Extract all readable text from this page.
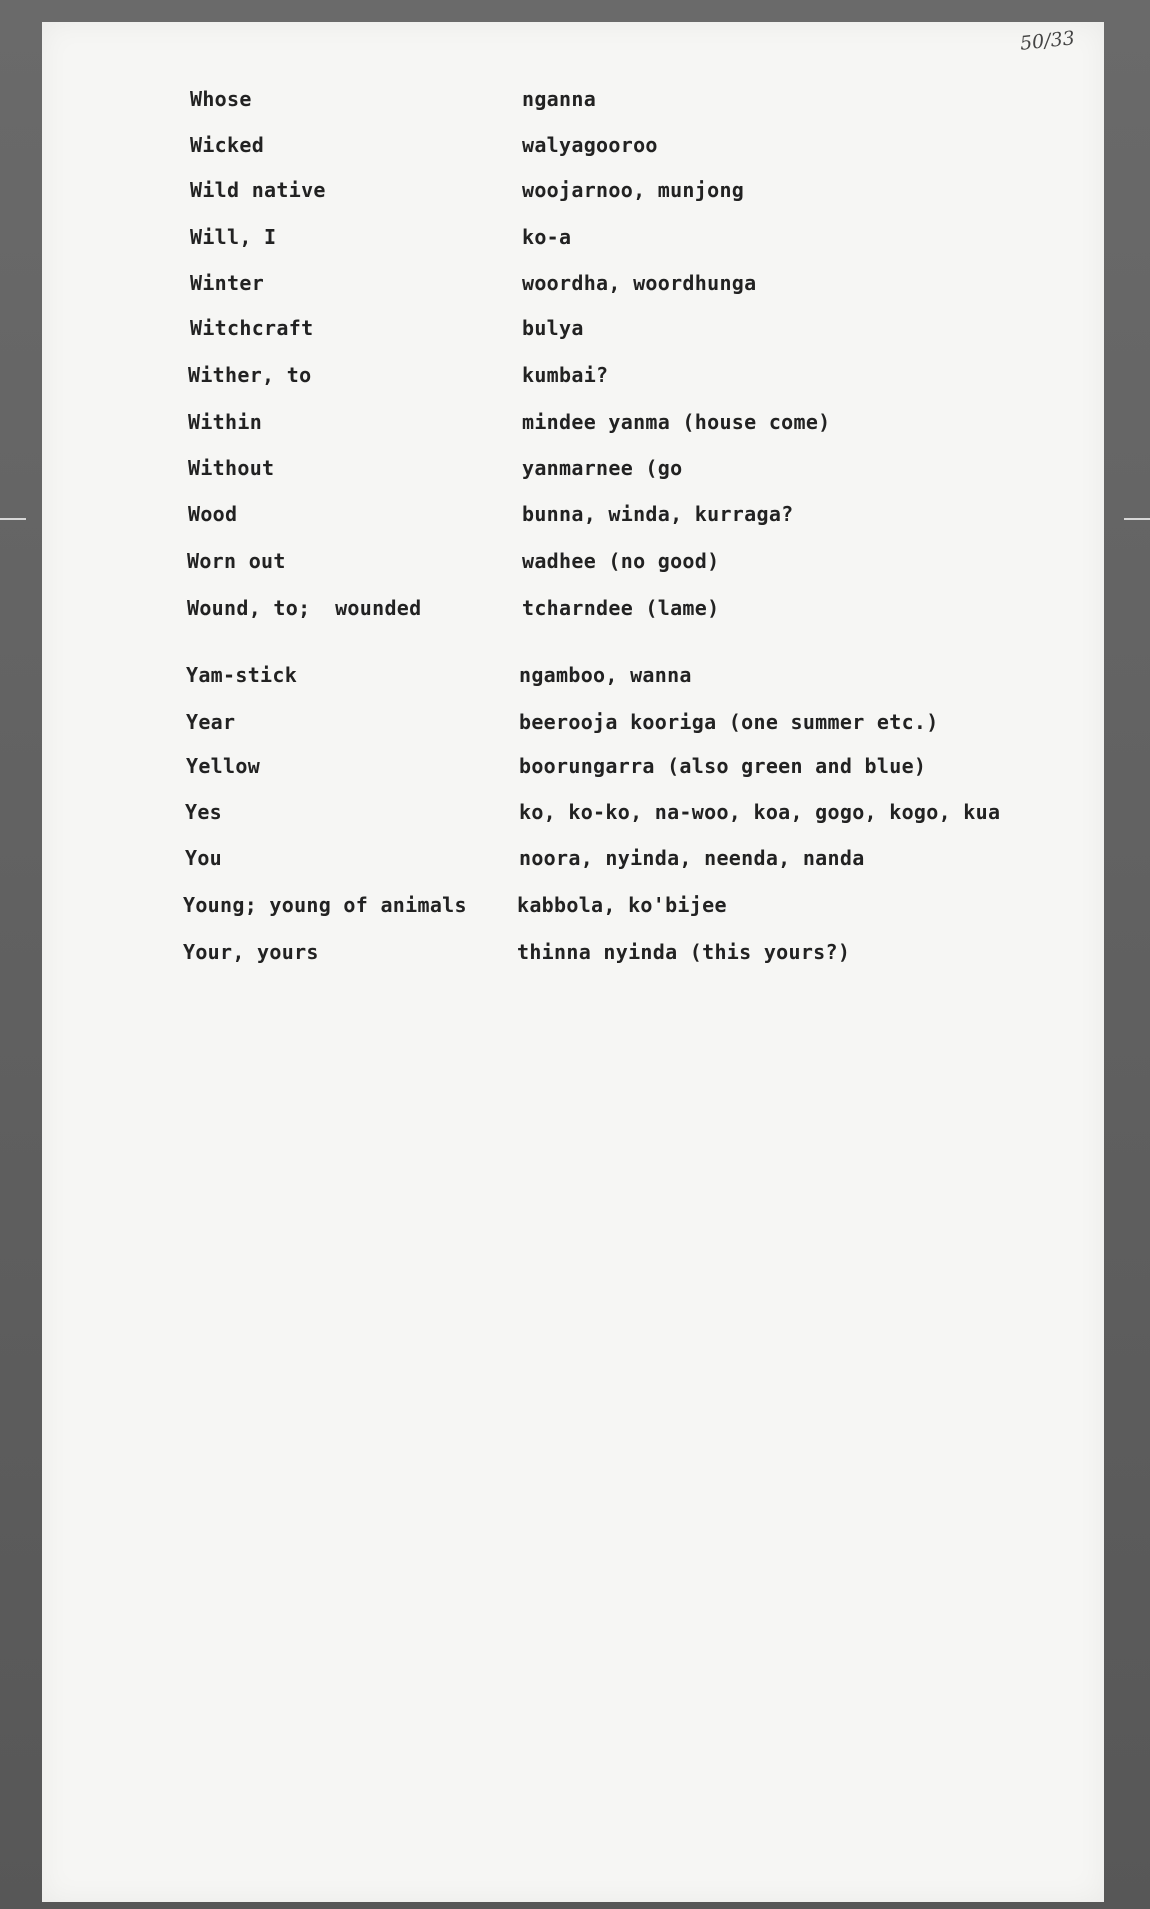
50/33
Whose	nganna
Wicked	walyagooroo
Wild native	woojarnoo, munjong
Will, I	ko-a
Winter	woordha, woordhunga
Witchcraft	bulya
Wither, to	kumbai?
Within	mindee yanma (house come)
Without	yanmarnee (go
Wood	bunna, winda, kurraga?
Worn out	wadhee (no good)
Wound, to;  wounded	tcharndee (lame)
Yam-stick	ngamboo, wanna
Year	beerooja kooriga (one summer etc.)
Yellow	boorungarra (also green and blue)
Yes	ko, ko-ko, na-woo, koa, gogo, kogo, kua
You	noora, nyinda, neenda, nanda
Young; young of animals	kabbola, ko'bijee
Your, yours	thinna nyinda (this yours?)
